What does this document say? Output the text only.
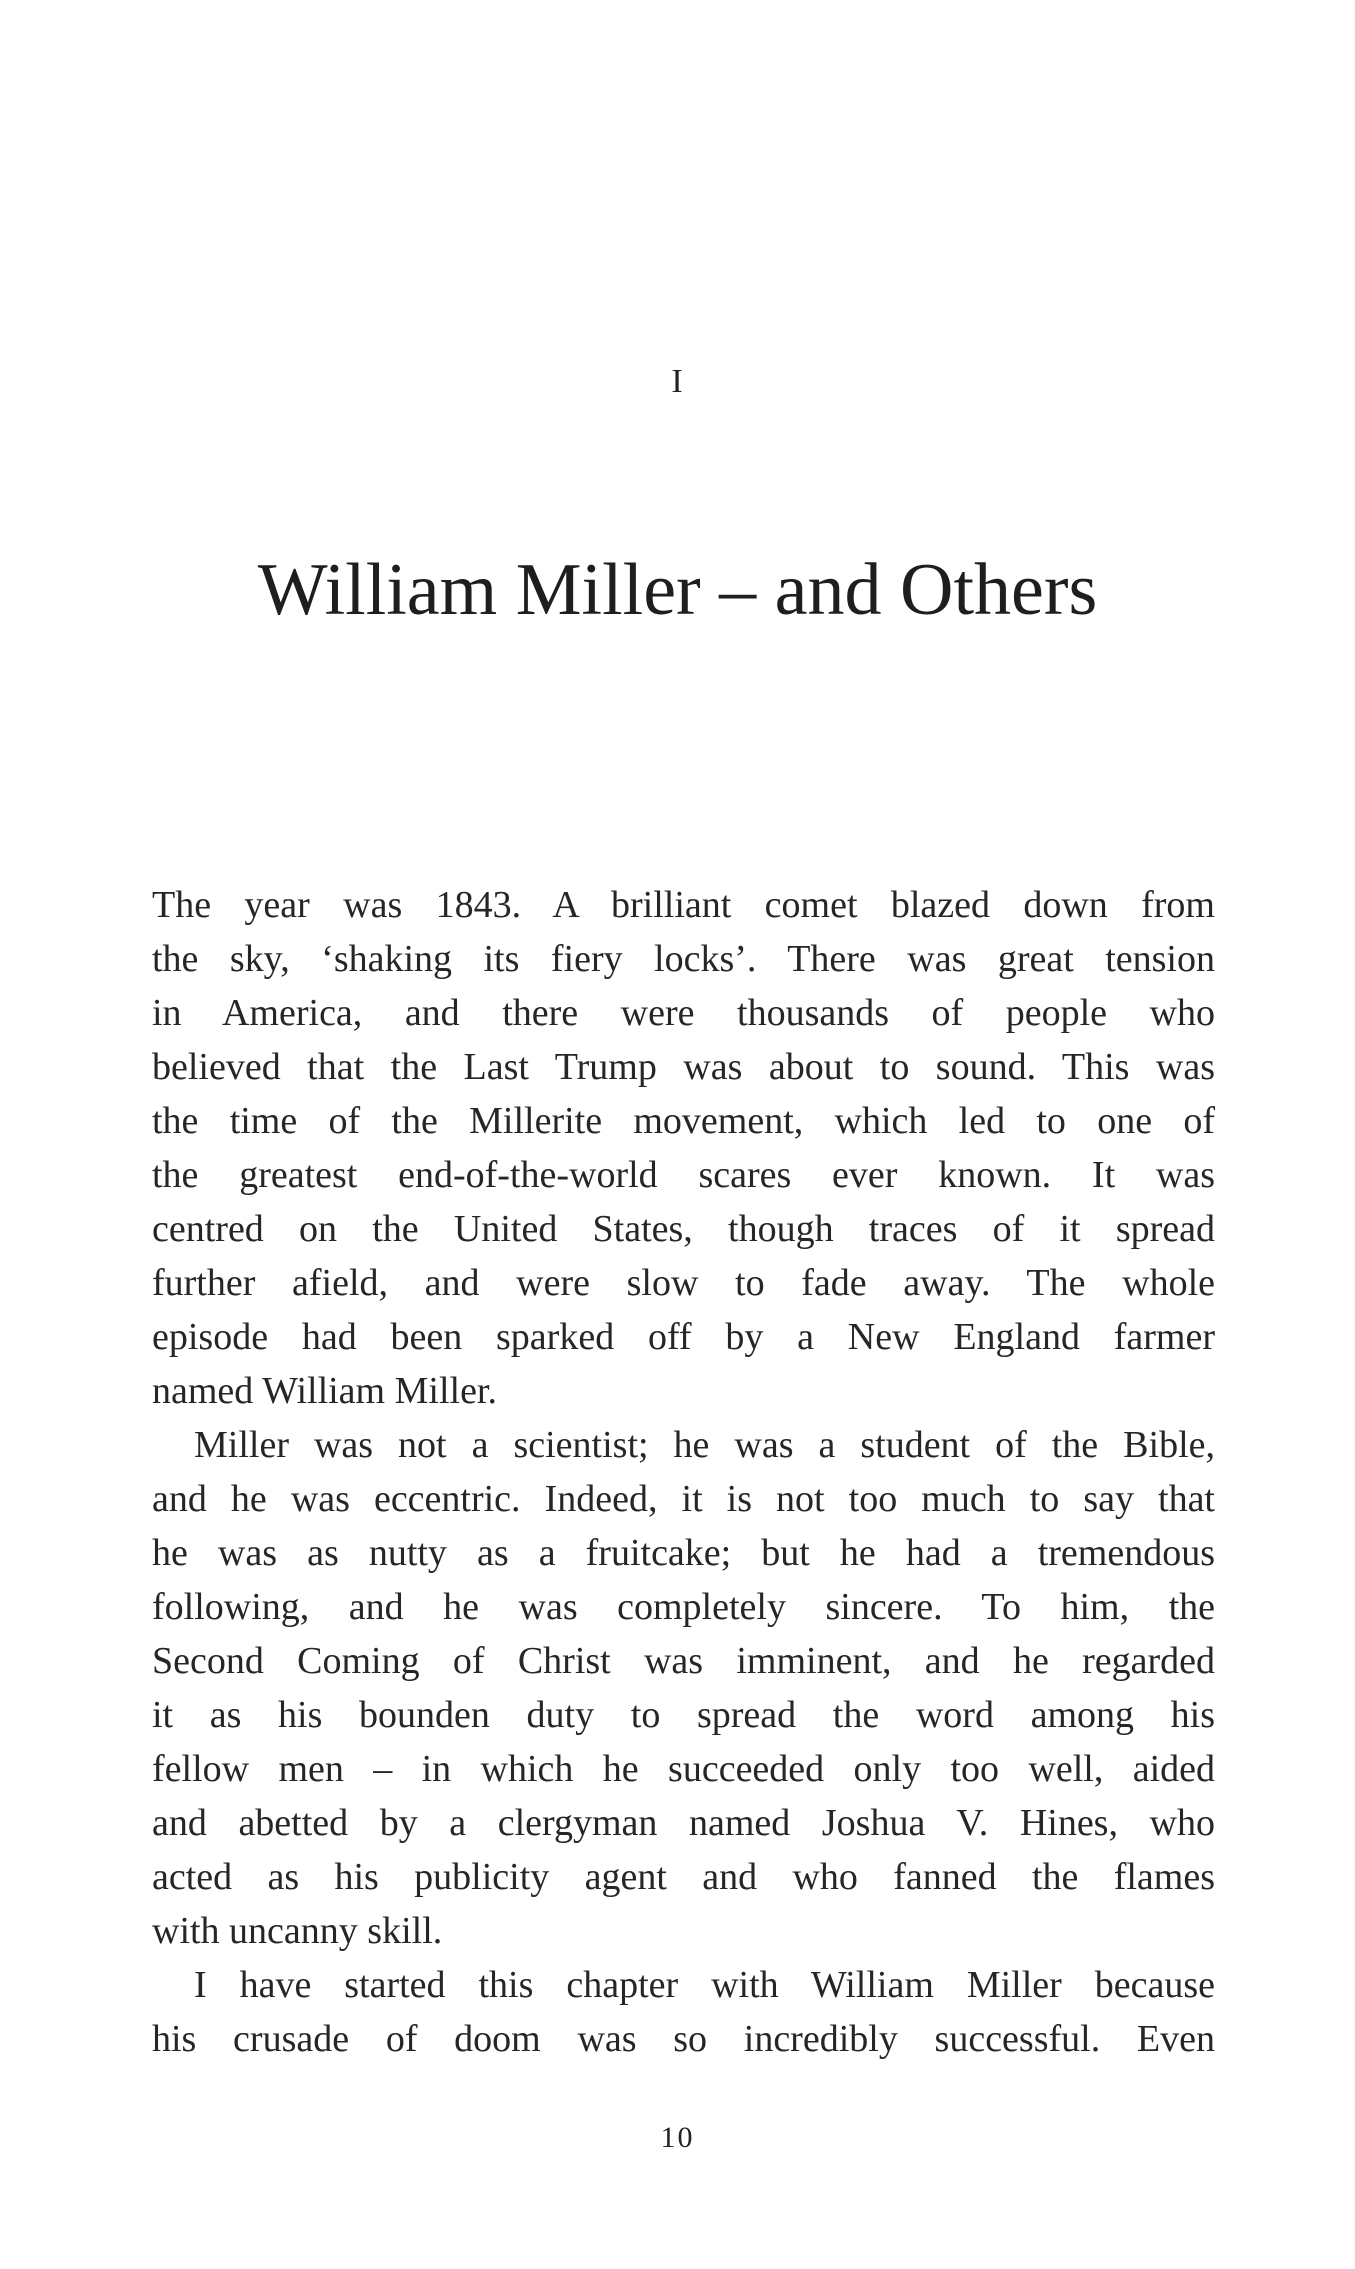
I
William Miller – and Others
The year was 1843. A brilliant comet blazed down from
the sky, ‘shaking its fiery locks’. There was great tension
in America, and there were thousands of people who
believed that the Last Trump was about to sound. This was
the time of the Millerite movement, which led to one of
the greatest end-of-the-world scares ever known. It was
centred on the United States, though traces of it spread
further afield, and were slow to fade away. The whole
episode had been sparked off by a New England farmer
named William Miller.
Miller was not a scientist; he was a student of the Bible,
and he was eccentric. Indeed, it is not too much to say that
he was as nutty as a fruitcake; but he had a tremendous
following, and he was completely sincere. To him, the
Second Coming of Christ was imminent, and he regarded
it as his bounden duty to spread the word among his
fellow men – in which he succeeded only too well, aided
and abetted by a clergyman named Joshua V. Hines, who
acted as his publicity agent and who fanned the flames
with uncanny skill.
I have started this chapter with William Miller because
his crusade of doom was so incredibly successful. Even
10
